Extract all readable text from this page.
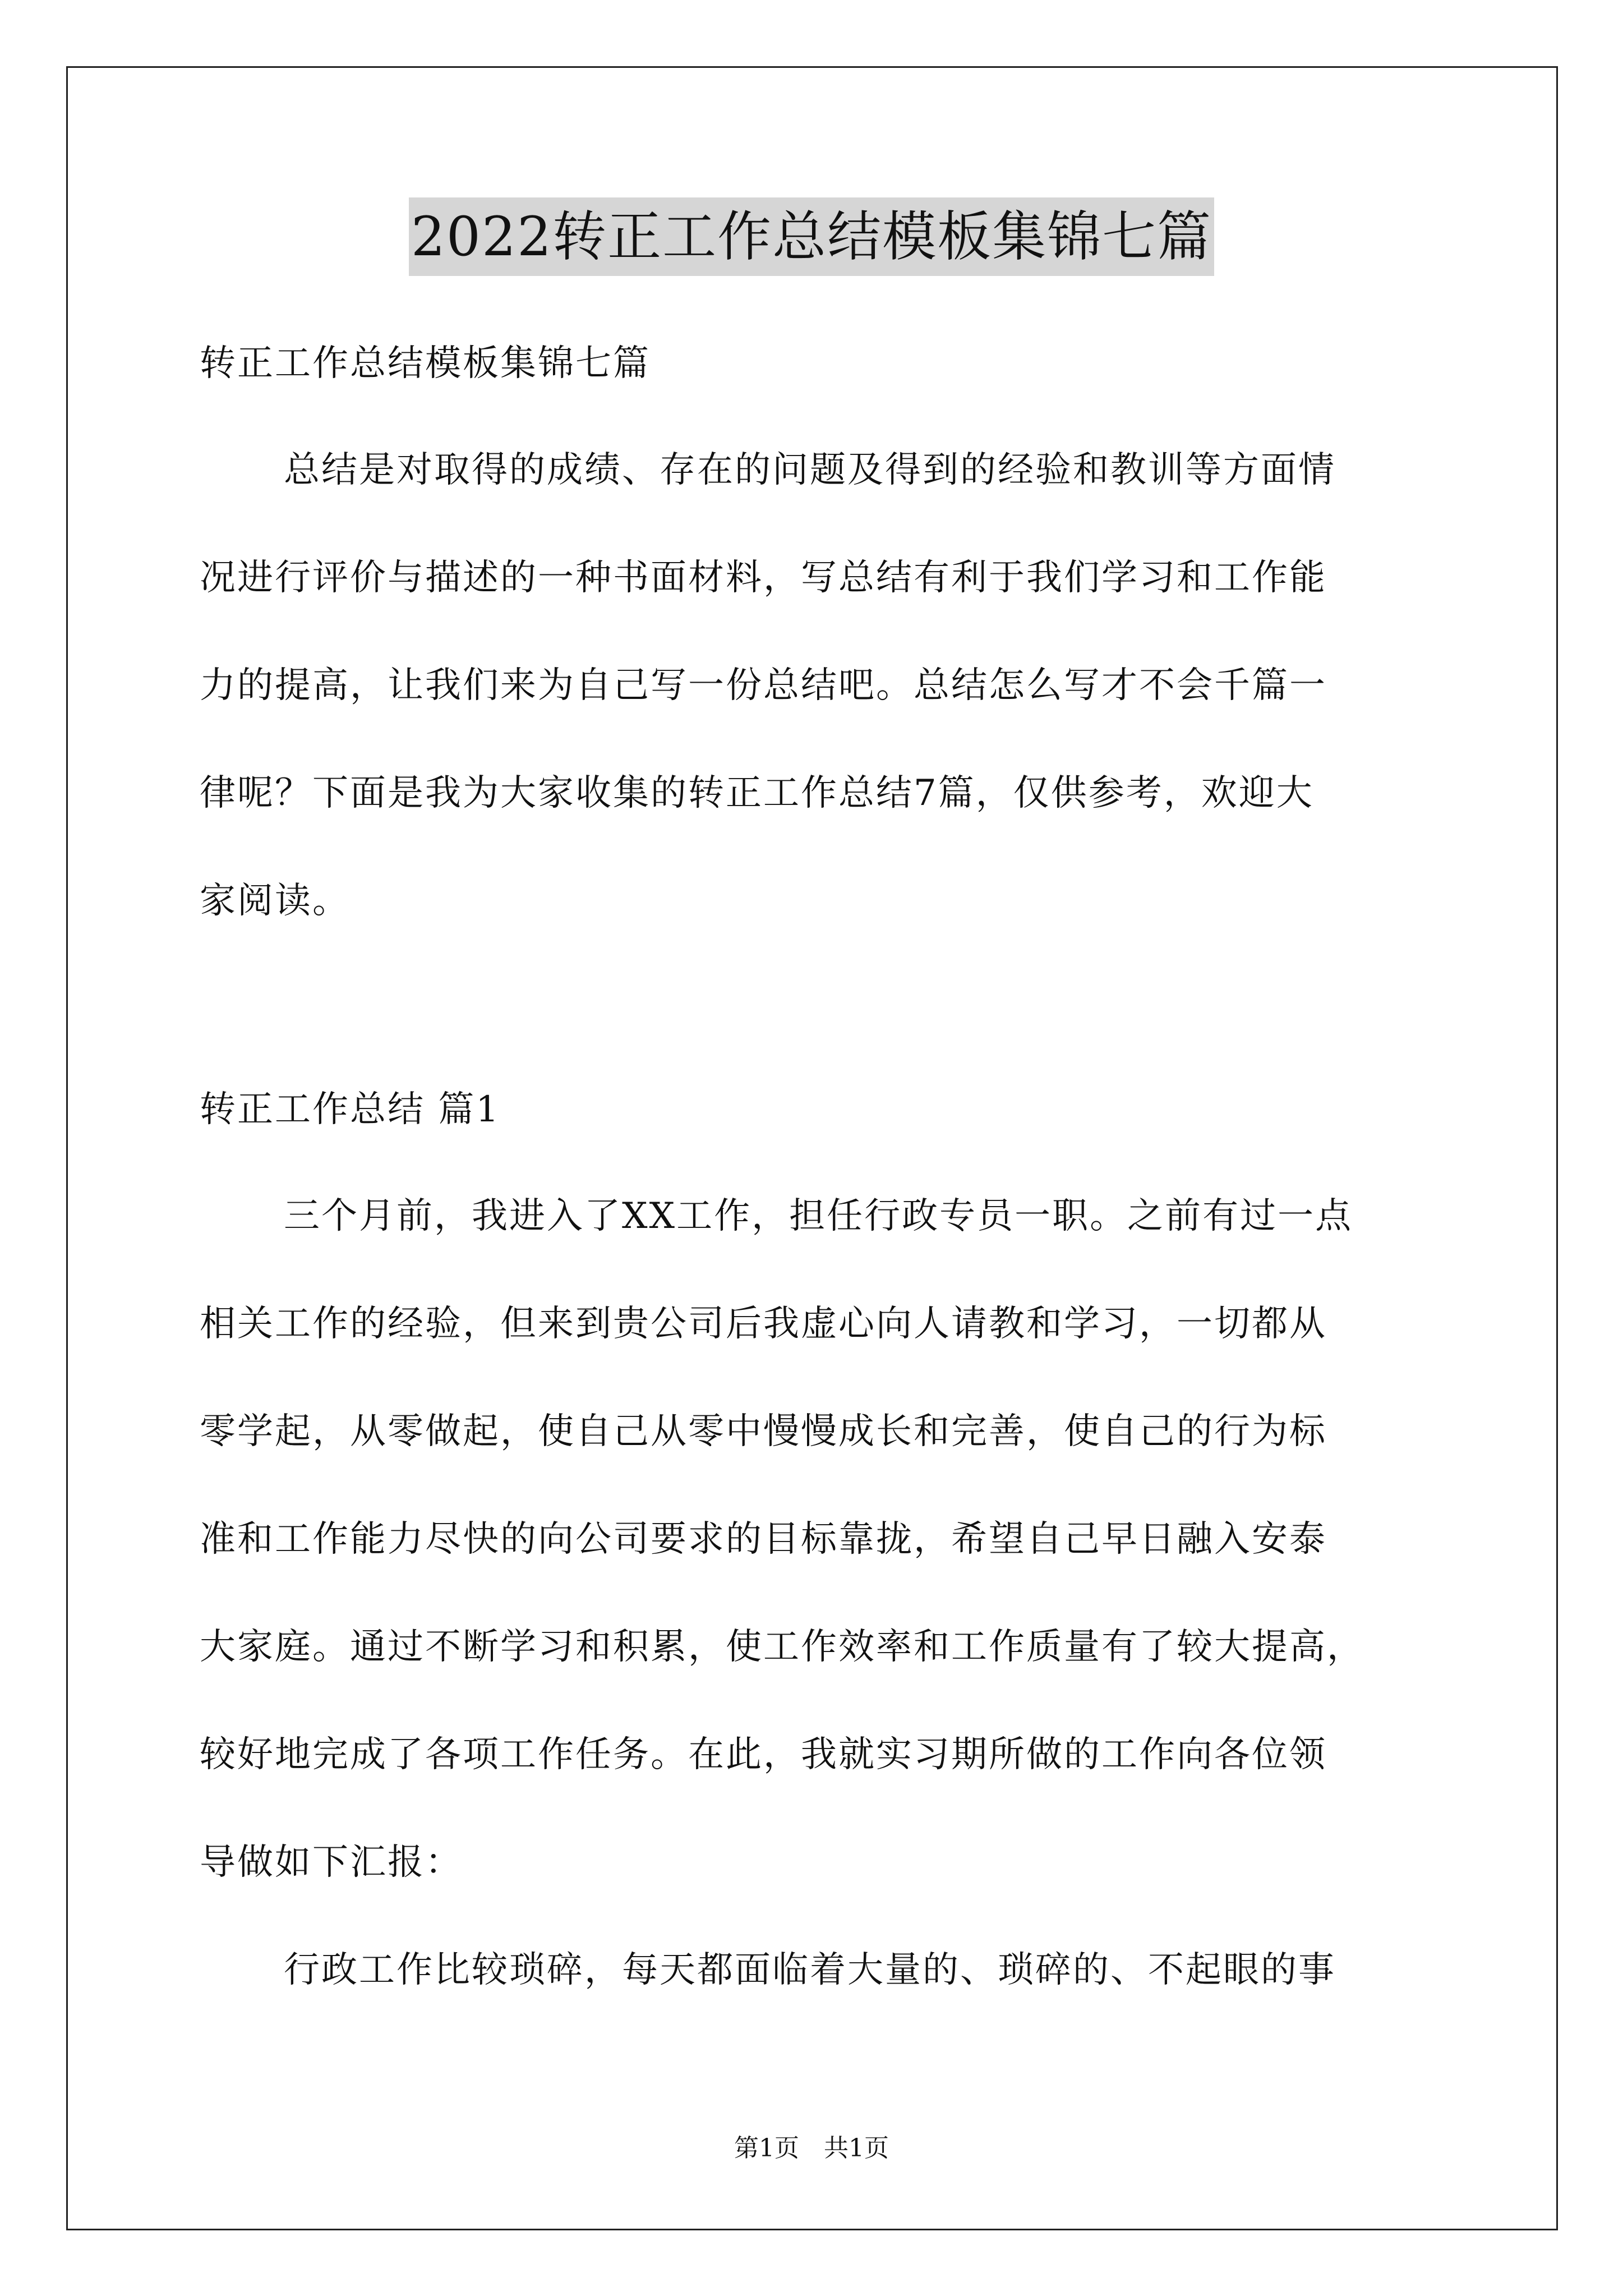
2022转正工作总结模板集锦七篇
转正工作总结模板集锦七篇
总结是对取得的成绩、存在的问题及得到的经验和教训等方面情
况进行评价与描述的一种书面材料，写总结有利于我们学习和工作能
力的提高，让我们来为自己写一份总结吧。总结怎么写才不会千篇一
律呢？下面是我为大家收集的转正工作总结7篇，仅供参考，欢迎大
家阅读。
转正工作总结 篇1
三个月前，我进入了XX工作，担任行政专员一职。之前有过一点
相关工作的经验，但来到贵公司后我虚心向人请教和学习，一切都从
零学起，从零做起，使自己从零中慢慢成长和完善，使自己的行为标
准和工作能力尽快的向公司要求的目标靠拢，希望自己早日融入安泰
大家庭。通过不断学习和积累，使工作效率和工作质量有了较大提高，
较好地完成了各项工作任务。在此，我就实习期所做的工作向各位领
导做如下汇报：
行政工作比较琐碎，每天都面临着大量的、琐碎的、不起眼的事
第1页　共1页
